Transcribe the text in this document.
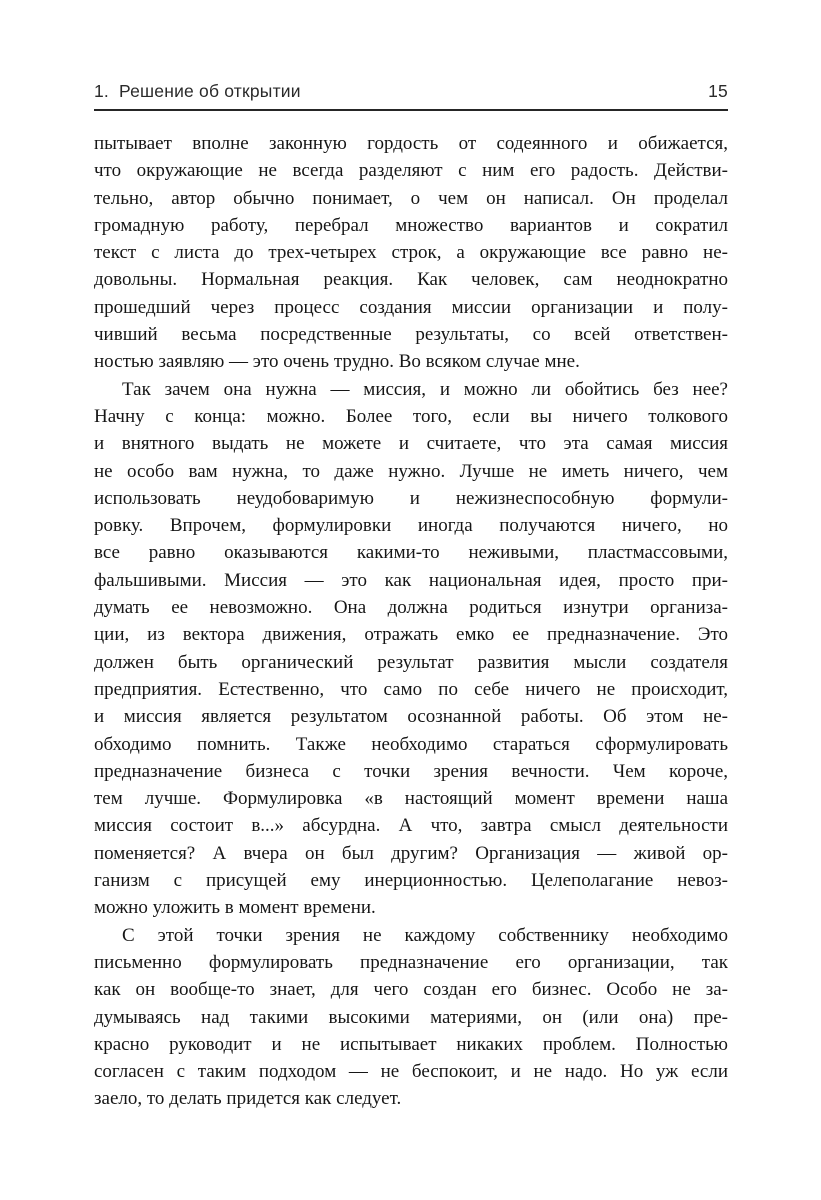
1. Решение об открытии	15
пытывает вполне законную гордость от содеянного и обижается,
что окружающие не всегда разделяют с ним его радость. Действи-
тельно, автор обычно понимает, о чем он написал. Он проделал
громадную работу, перебрал множество вариантов и сократил
текст с листа до трех-четырех строк, а окружающие все равно не-
довольны. Нормальная реакция. Как человек, сам неоднократно
прошедший через процесс создания миссии организации и полу-
чивший весьма посредственные результаты, со всей ответствен-
ностью заявляю — это очень трудно. Во всяком случае мне.
Так зачем она нужна — миссия, и можно ли обойтись без нее?
Начну с конца: можно. Более того, если вы ничего толкового
и внятного выдать не можете и считаете, что эта самая миссия
не особо вам нужна, то даже нужно. Лучше не иметь ничего, чем
использовать неудобоваримую и нежизнеспособную формули-
ровку. Впрочем, формулировки иногда получаются ничего, но
все равно оказываются какими-то неживыми, пластмассовыми,
фальшивыми. Миссия — это как национальная идея, просто при-
думать ее невозможно. Она должна родиться изнутри организа-
ции, из вектора движения, отражать емко ее предназначение. Это
должен быть органический результат развития мысли создателя
предприятия. Естественно, что само по себе ничего не происходит,
и миссия является результатом осознанной работы. Об этом не-
обходимо помнить. Также необходимо стараться сформулировать
предназначение бизнеса с точки зрения вечности. Чем короче,
тем лучше. Формулировка «в настоящий момент времени наша
миссия состоит в...» абсурдна. А что, завтра смысл деятельности
поменяется? А вчера он был другим? Организация — живой ор-
ганизм с присущей ему инерционностью. Целеполагание невоз-
можно уложить в момент времени.
С этой точки зрения не каждому собственнику необходимо
письменно формулировать предназначение его организации, так
как он вообще-то знает, для чего создан его бизнес. Особо не за-
думываясь над такими высокими материями, он (или она) пре-
красно руководит и не испытывает никаких проблем. Полностью
согласен с таким подходом — не беспокоит, и не надо. Но уж если
заело, то делать придется как следует.
